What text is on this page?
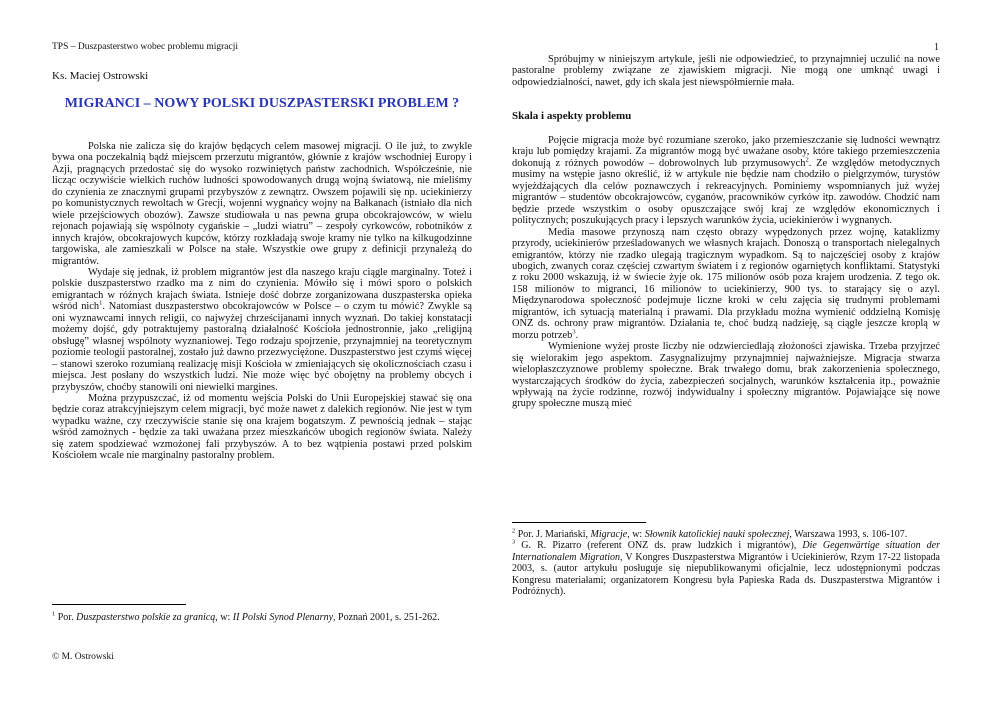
TPS – Duszpasterstwo wobec problemu migracji
Ks. Maciej Ostrowski
MIGRANCI – NOWY POLSKI DUSZPASTERSKI PROBLEM ?

Polska nie zalicza się do krajów będących celem masowej migracji. O ile już, to zwykle bywa ona poczekalnią bądź miejscem przerzutu migrantów, głównie z krajów wschodniej Europy i Azji, pragnących przedostać się do wysoko rozwiniętych państw zachodnich. Współcześnie, nie licząc oczywiście wielkich ruchów ludności spowodowanych drugą wojną światową, nie mieliśmy do czynienia ze znacznymi grupami przybyszów z zewnątrz. Owszem pojawili się np. uciekinierzy po komunistycznych rewoltach w Grecji, wojenni wygnańcy wojny na Bałkanach (istniało dla nich wiele przejściowych obozów). Zawsze studiowała u nas pewna grupa obcokrajowców, w wielu rejonach pojawiają się wspólnoty cygańskie – „ludzi wiatru” – zespoły cyrkowców, robotników z innych krajów, obcokrajowych kupców, którzy rozkładają swoje kramy nie tylko na kilkugodzinne targowiska, ale zamieszkali w Polsce na stałe. Wszystkie owe grupy z definicji przynależą do migrantów.

Wydaje się jednak, iż problem migrantów jest dla naszego kraju ciągle marginalny. Toteż i polskie duszpasterstwo rzadko ma z nim do czynienia. Mówiło się i mówi sporo o polskich emigrantach w różnych krajach świata. Istnieje dość dobrze zorganizowana duszpasterska opieka wśród nich$^1$. Natomiast duszpasterstwo obcokrajowców w Polsce – o czym tu mówić? Zwykle są oni wyznawcami innych religii, co najwyżej chrześcijanami innych wyznań. Do takiej konstatacji możemy dojść, gdy potraktujemy pastoralną działalność Kościoła jednostronnie, jako „religijną obsługę” własnej wspólnoty wyznaniowej. Tego rodzaju spojrzenie, przynajmniej na teoretycznym poziomie teologii pastoralnej, zostało już dawno przezwyciężone. Duszpasterstwo jest czymś więcej – stanowi szeroko rozumianą realizację misji Kościoła w zmieniających się okolicznościach czasu i miejsca. Jest posłany do wszystkich ludzi. Nie może więc być obojętny na problemy obcych i przybyszów, choćby stanowili oni niewielki margines.

Można przypuszczać, iż od momentu wejścia Polski do Unii Europejskiej stawać się ona będzie coraz atrakcyjniejszym celem migracji, być może nawet z dalekich regionów. Nie jest w tym wypadku ważne, czy rzeczywiście stanie się ona krajem bogatszym. Z pewnością jednak – stając wśród zamożnych - będzie za taki uważana przez mieszkańców ubogich regionów świata. Należy się zatem spodziewać wzmożonej fali przybyszów. A to bez wątpienia postawi przed polskim Kościołem wcale nie marginalny pastoralny problem.

$^1$ Por. Duszpasterstwo polskie za granicą, w: II Polski Synod Plenarny, Poznań 2001, s. 251-262.

© M. Ostrowski
1

Spróbujmy w niniejszym artykule, jeśli nie odpowiedzieć, to przynajmniej uczulić na nowe pastoralne problemy związane ze zjawiskiem migracji. Nie mogą one umknąć uwagi i odpowiedzialności, nawet, gdy ich skala jest niewspółmiernie mała.

Skala i aspekty problemu

Pojęcie migracja może być rozumiane szeroko, jako przemieszczanie się ludności wewnątrz kraju lub pomiędzy krajami. Za migrantów mogą być uważane osoby, które takiego przemieszczenia dokonują z różnych powodów – dobrowolnych lub przymusowych$^2$. Ze względów metodycznych musimy na wstępie jasno określić, iż w artykule nie będzie nam chodziło o pielgrzymów, turystów wyjeżdżających dla celów poznawczych i rekreacyjnych. Pominiemy wspomnianych już wyżej migrantów – studentów obcokrajowców, cyganów, pracowników cyrków itp. zawodów. Chodzić nam będzie przede wszystkim o osoby opuszczające swój kraj ze względów ekonomicznych i politycznych; poszukujących pracy i lepszych warunków życia, uciekinierów i wygnanych.

Media masowe przynoszą nam często obrazy wypędzonych przez wojnę, kataklizmy przyrody, uciekinierów prześladowanych we własnych krajach. Donoszą o transportach nielegalnych emigrantów, którzy nie rzadko ulegają tragicznym wypadkom. Są to najczęściej osoby z krajów ubogich, zwanych coraz częściej czwartym światem i z regionów ogarniętych konfliktami. Statystyki z roku 2000 wskazują, iż w świecie żyje ok. 175 milionów osób poza krajem urodzenia. Z tego ok. 158 milionów to migranci, 16 milionów to uciekinierzy, 900 tys. to starający się o azyl. Międzynarodowa społeczność podejmuje liczne kroki w celu zajęcia się trudnymi problemami migrantów, ich sytuacją materialną i prawami. Dla przykładu można wymienić oddzielną Komisję ONZ ds. ochrony praw migrantów. Działania te, choć budzą nadzieję, są ciągle jeszcze kroplą w morzu potrzeb$^3$.

Wymienione wyżej proste liczby nie odzwierciedlają złożoności zjawiska. Trzeba przyjrzeć się wielorakim jego aspektom. Zasygnalizujmy przynajmniej najważniejsze. Migracja stwarza wielopłaszczyznowe problemy społeczne. Brak trwałego domu, brak zakorzenienia społecznego, wystarczających środków do życia, zabezpieczeń socjalnych, warunków kształcenia itp., poważnie wpływają na życie rodzinne, rozwój indywidualny i społeczny migrantów. Pojawiające się nowe grupy społeczne muszą mieć

$^2$ Por. J. Mariański, Migracje, w: Słownik katolickiej nauki społecznej, Warszawa 1993, s. 106-107.

$^3$ G. R. Pizarro (referent ONZ ds. praw ludzkich i migrantów), Die Gegenwärtige situation der Internationalem Migration, V Kongres Duszpasterstwa Migrantów i Uciekinierów, Rzym 17-22 listopada 2003, s. (autor artykułu posługuje się niepublikowanymi oficjalnie, lecz udostępnionymi podczas Kongresu materiałami; organizatorem Kongresu była Papieska Rada ds. Duszpasterstwa Migrantów i Podróżnych).
